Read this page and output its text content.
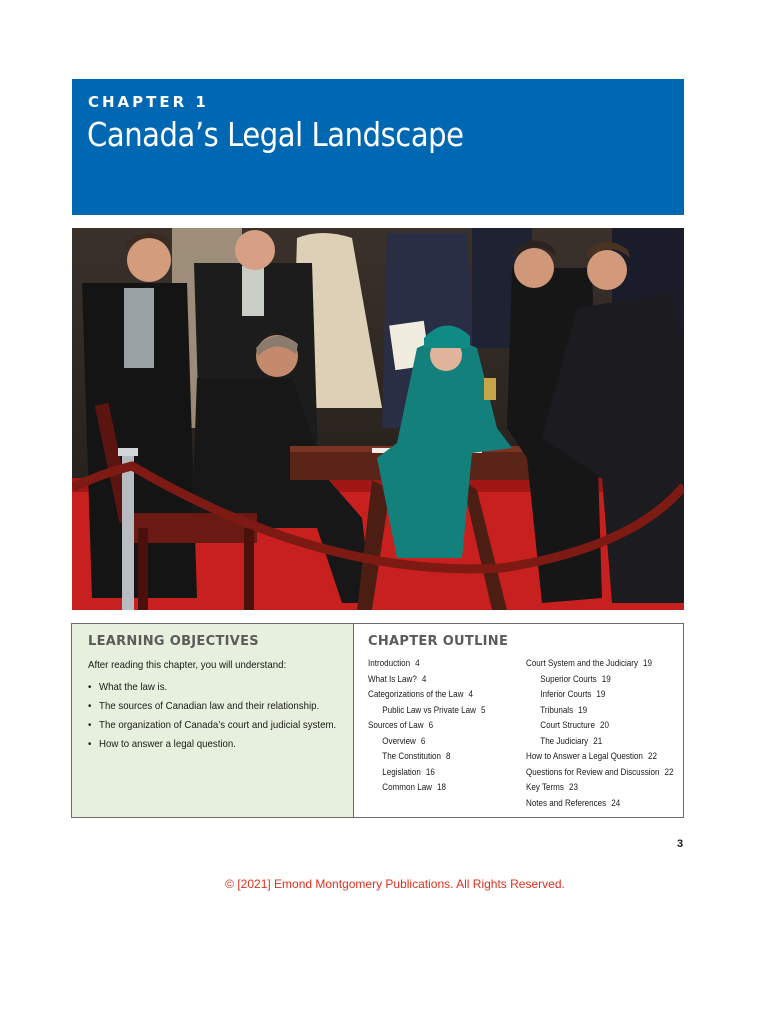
CHAPTER 1
Canada’s Legal Landscape
LEARNING OBJECTIVES
After reading this chapter, you will understand:
• What the law is.
• The sources of Canadian law and their relationship.
• The organization of Canada’s court and judicial system.
• How to answer a legal question.
CHAPTER OUTLINE
Introduction 4
What Is Law? 4
Categorizations of the Law 4
Public Law vs Private Law 5
Sources of Law 6
Overview 6
The Constitution 8
Legislation 16
Common Law 18
Court System and the Judiciary 19
Superior Courts 19
Inferior Courts 19
Tribunals 19
Court Structure 20
The Judiciary 21
How to Answer a Legal Question 22
Questions for Review and Discussion 22
Key Terms 23
Notes and References 24
3
© [2021] Emond Montgomery Publications. All Rights Reserved.
